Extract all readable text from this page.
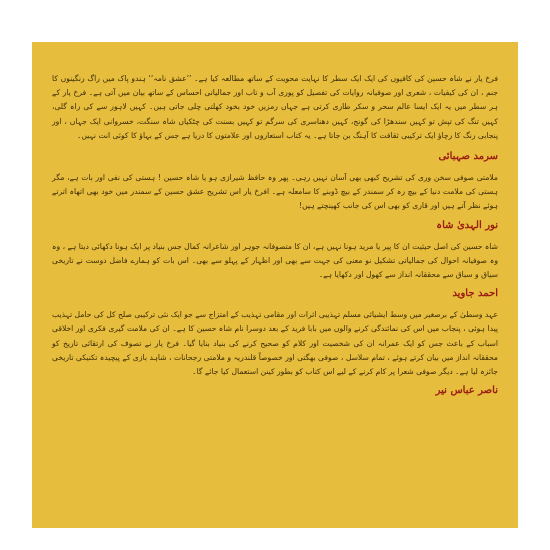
فرخ یار نے شاہ حسین کی کافیوں کی ایک ایک سطر کا نہایت محویت کے ساتھ مطالعہ کیا ہے۔ ’’عشق نامہ‘‘ ہندو پاک میں راگ رنگینوں کا جنم ، ان کی کیفیات ، شعری اور صوفیانہ روایات کی تفصیل کو پوری آب و تاب اور جمالیاتی احساس کے ساتھ بیان میں آتی ہے۔ فرخ یار کے ہر سطر میں یہ ایک ایسا عالم سحر و سکر طاری کرتی ہے جہاں رمزیں خود بخود کھلتی چلی جاتی ہیں۔ کہیں لاہور سے کی راہ گلی، کہیں تنگ کی تپش تو کہیں سندھڑا کی گونج، کہیں دھناسری کی سرگم تو کہیں بسنت کی چٹکیاں شاہ سنگت، خسروانی ایک جہاں ، اور پنجابی رنگ کا رچاؤ ایک ترکیبی ثقافت کا آہنگ بن جاتا ہے۔ یہ کتاب استعاروں اور علامتوں کا دریا ہے جس کے بہاؤ کا کوئی انت نہیں۔

سرمد صہبائی

ملامتی صوفی سخن وری کی تشریح کبھی بھی آسان نہیں رہی۔ پھر وہ حافظ شیرازی ہو یا شاہ حسین ! ہستی کی نفی اور بات ہے، مگر ہستی کی ملامت دنیا کے بیچ رہ کر سمندر کے بیچ ڈوبنے کا سامعلہ ہے۔ افرخ یار اس تشریح عشق حسین کے سمندر میں خود بھی اتھاہ اترتے ہوئے نظر آتے ہیں اور قاری کو بھی اس کی جانب کھینچتے ہیں!

نور الہدیٰ شاہ

شاہ حسین کی اصل حیثیت ان کا پیر یا مرید ہونا نہیں ہے، ان کا متصوفانہ جوہر اور شاعرانہ کمال جس بنیاد پر ایک ہونا دکھائی دیتا ہے ، وہ وہ صوفیانہ احوال کی جمالیاتی تشکیل نو معنی کی جہت سے بھی اور اظہار کے پہلو سے بھی۔ اس بات کو ہمارے فاضل دوست نے تاریخی سیاق و سباق سے محققانہ انداز سے کھول اور دکھایا ہے۔

احمد جاوید

عہد وسطیٰ کے برصغیر میں وسط ایشیائی مسلم تہذیبی اثرات اور مقامی تہذیب کے امتزاج سے جو ایک نئی ترکیبی صلح کل کی حامل تہذیب پیدا ہوئی ، پنجاب میں اس کی نمائندگی کرنے والوں میں بابا فرید کے بعد دوسرا نام شاہ حسین کا ہے۔ ان کی ملامت گیری فکری اور اخلاقی اسباب کے باعث جس کو ایک عمرانہ ان کی شخصیت اور کلام کو صحیح کرنے کی بنیاد بنایا گیا۔ فرخ یار نے تصوف کی ارتقائی تاریخ کو محققانہ انداز میں بیان کرتے ہوئے ، تمام سلاسل ، صوفی بھگتی اور خصوصاً قلندریہ و ملامتی رجحانات ، شاہد بازی کے پیچیدہ تکنیکی تاریخی جائزہ لیا ہے۔ دیگر صوفی شعرا پر کام کرنے کے لیے اس کتاب کو بطور کینن استعمال کیا جائے گا۔

ناصر عباس نیر
